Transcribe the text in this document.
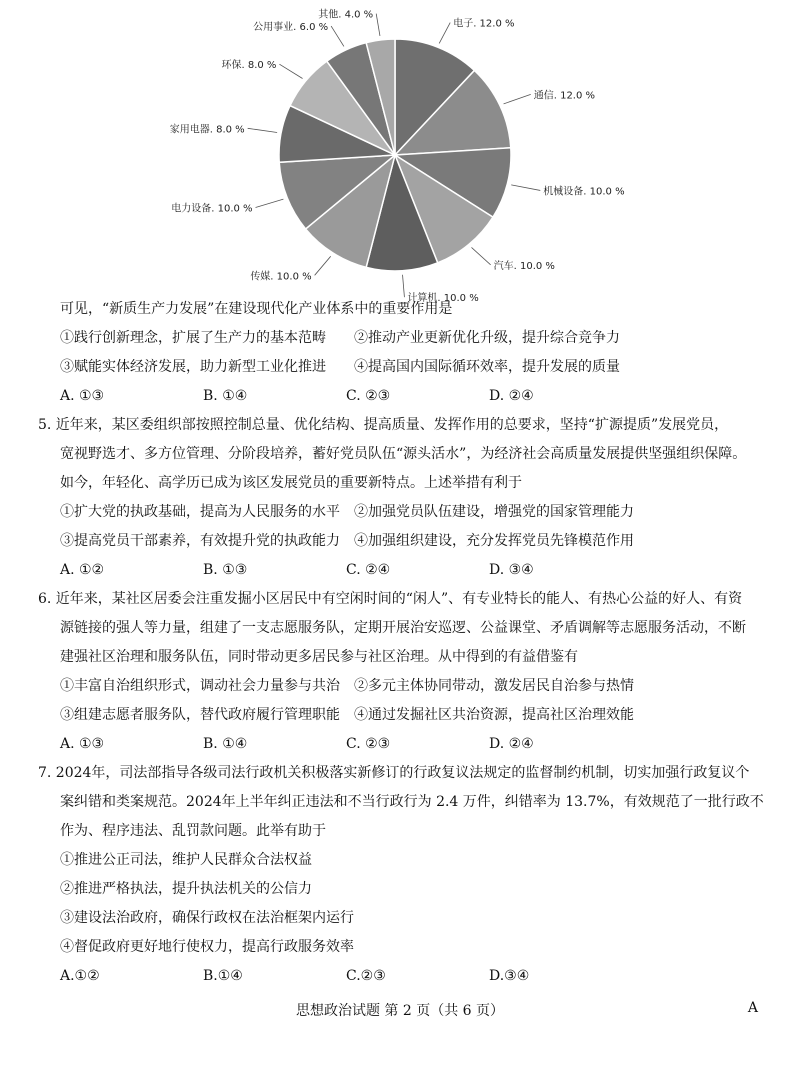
电子. 12.0 %
通信. 12.0 %
机械设备. 10.0 %
汽车. 10.0 %
计算机. 10.0 %
传媒. 10.0 %
电力设备. 10.0 %
家用电器. 8.0 %
环保. 8.0 %
公用事业. 6.0 %
其他. 4.0 %
可见，“新质生产力发展”在建设现代化产业体系中的重要作用是
①践行创新理念，扩展了生产力的基本范畴	②推动产业更新优化升级，提升综合竞争力
③赋能实体经济发展，助力新型工业化推进	④提高国内国际循环效率，提升发展的质量
A. ①③	B. ①④	C. ②③	D. ②④
5. 近年来，某区委组织部按照控制总量、优化结构、提高质量、发挥作用的总要求，坚持“扩源提质”发展党员，
宽视野选才、多方位管理、分阶段培养，蓄好党员队伍“源头活水”，为经济社会高质量发展提供坚强组织保障。
如今，年轻化、高学历已成为该区发展党员的重要新特点。上述举措有利于
①扩大党的执政基础，提高为人民服务的水平	②加强党员队伍建设，增强党的国家管理能力
③提高党员干部素养，有效提升党的执政能力	④加强组织建设，充分发挥党员先锋模范作用
A. ①②	B. ①③	C. ②④	D. ③④
6. 近年来，某社区居委会注重发掘小区居民中有空闲时间的“闲人”、有专业特长的能人、有热心公益的好人、有资
源链接的强人等力量，组建了一支志愿服务队，定期开展治安巡逻、公益课堂、矛盾调解等志愿服务活动，不断
建强社区治理和服务队伍，同时带动更多居民参与社区治理。从中得到的有益借鉴有
①丰富自治组织形式，调动社会力量参与共治	②多元主体协同带动，激发居民自治参与热情
③组建志愿者服务队，替代政府履行管理职能	④通过发掘社区共治资源，提高社区治理效能
A. ①③	B. ①④	C. ②③	D. ②④
7. 2024年，司法部指导各级司法行政机关积极落实新修订的行政复议法规定的监督制约机制，切实加强行政复议个
案纠错和类案规范。2024年上半年纠正违法和不当行政行为 2.4 万件，纠错率为 13.7%，有效规范了一批行政不
作为、程序违法、乱罚款问题。此举有助于
①推进公正司法，维护人民群众合法权益
②推进严格执法，提升执法机关的公信力
③建设法治政府，确保行政权在法治框架内运行
④督促政府更好地行使权力，提高行政服务效率
A.①②	B.①④	C.②③	D.③④
思想政治试题 第 2 页（共 6 页）	A
